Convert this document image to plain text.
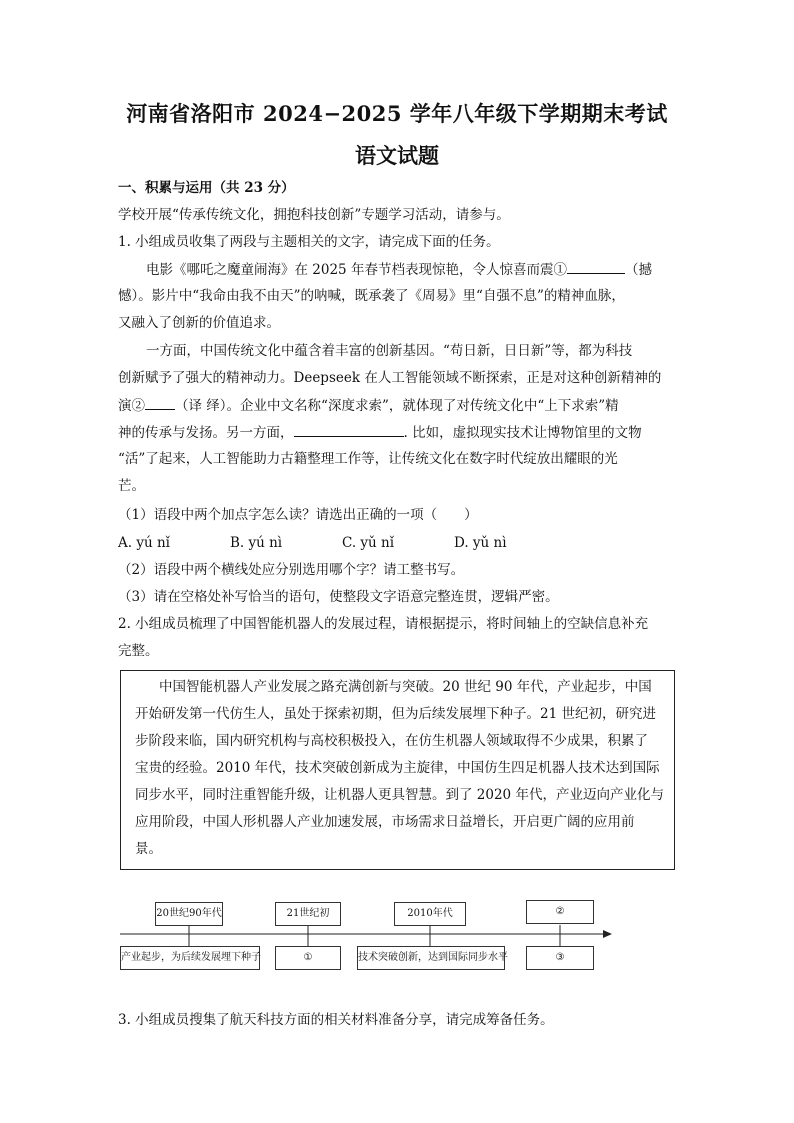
河南省洛阳市 2024−2025 学年八年级下学期期末考试
语文试题
一、积累与运用（共 23 分）
学校开展“传承传统文化，拥抱科技创新”专题学习活动，请参与。
1. 小组成员收集了两段与主题相关的文字，请完成下面的任务。
电影《哪吒之魔童闹海》在 2025 年春节档表现惊艳，令人惊喜而震①	（撼
憾）。影片中“我命由我不由天”的呐喊，既承袭了《周易》里“自强不息”的精神血脉，
又融入了创新的价值追求。
一方面，中国传统文化中蕴含着丰富的创新基因。“苟日新，日日新”等，都为科技
创新赋予了强大的精神动力。Deepseek 在人工智能领域不断探索，正是对这种创新精神的
演② （译 绎）。企业中文名称“深度求索”，就体现了对传统文化中“上下求索”精
神的传承与发扬。另一方面，	. 比如，虚拟现实技术让博物馆里的文物
“活”了起来，人工智能助力古籍整理工作等，让传统文化在数字时代绽放出耀眼的光
芒。
（1）语段中两个加点字怎么读？请选出正确的一项（　　）
A. yú nǐ	B. yú nì	C. yǔ nǐ	D. yǔ nì
（2）语段中两个横线处应分别选用哪个字？请工整书写。
（3）请在空格处补写恰当的语句，使整段文字语意完整连贯，逻辑严密。
2. 小组成员梳理了中国智能机器人的发展过程，请根据提示，将时间轴上的空缺信息补充
完整。
中国智能机器人产业发展之路充满创新与突破。20 世纪 90 年代，产业起步，中国
开始研发第一代仿生人，虽处于探索初期，但为后续发展埋下种子。21 世纪初，研究进
步阶段来临，国内研究机构与高校积极投入，在仿生机器人领域取得不少成果，积累了
宝贵的经验。2010 年代，技术突破创新成为主旋律，中国仿生四足机器人技术达到国际
同步水平，同时注重智能升级，让机器人更具智慧。到了 2020 年代，产业迈向产业化与
应用阶段，中国人形机器人产业加速发展，市场需求日益增长，开启更广阔的应用前
景。
20世纪90年代	21世纪初	2010年代	②
产业起步，为后续发展埋下种子	①	技术突破创新，达到国际同步水平	③
3. 小组成员搜集了航天科技方面的相关材料准备分享，请完成筹备任务。
